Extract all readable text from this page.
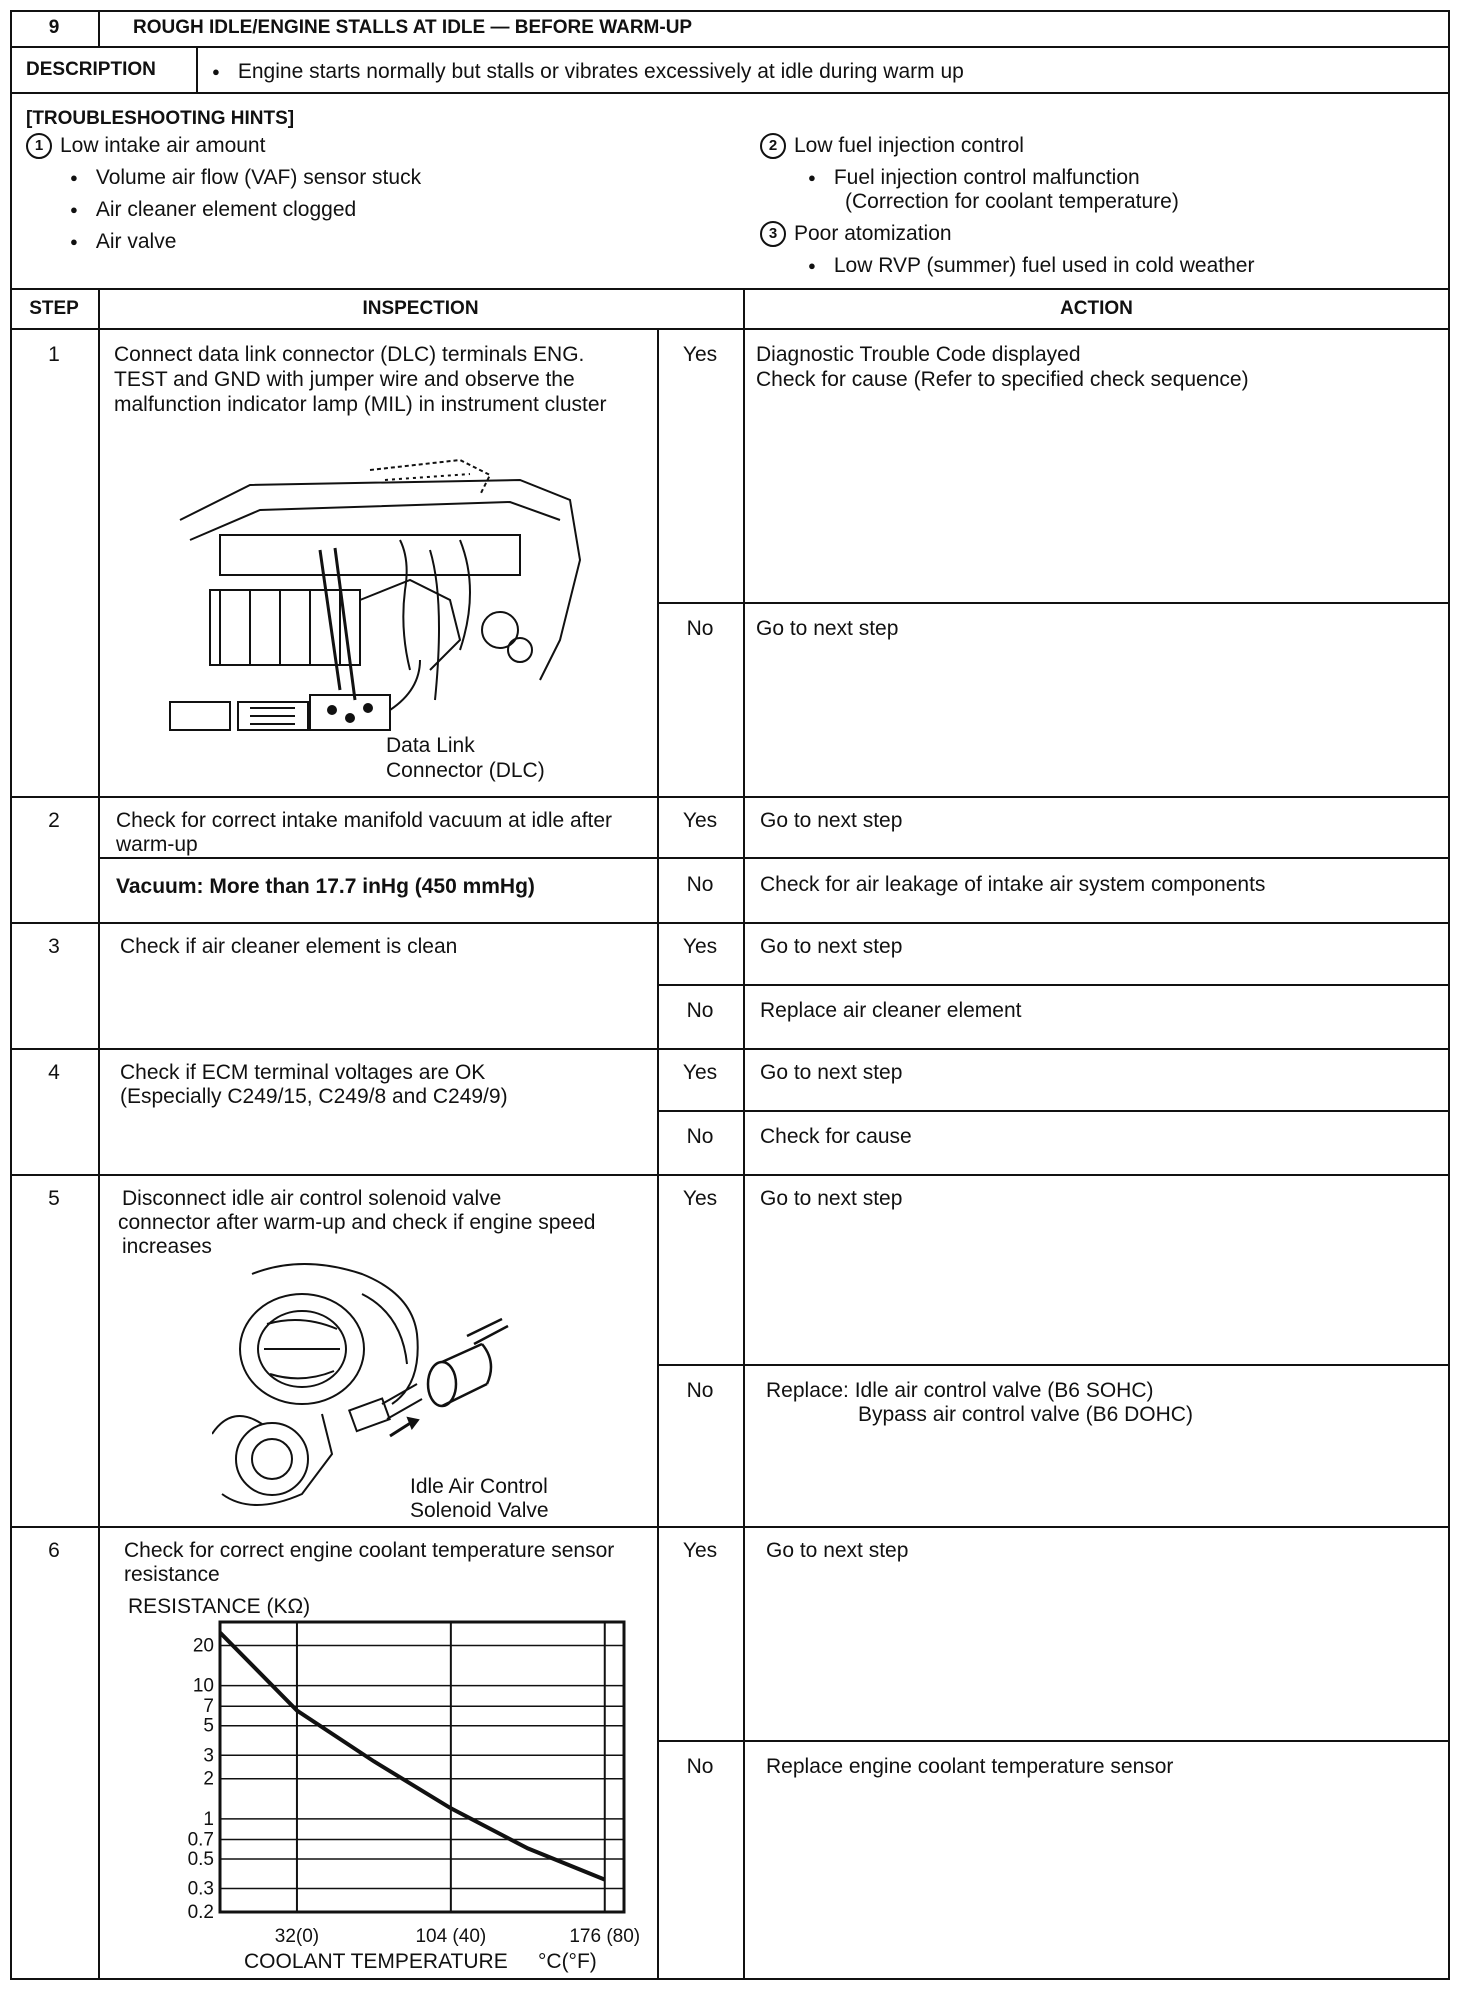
9	ROUGH IDLE/ENGINE STALLS AT IDLE — BEFORE WARM-UP
DESCRIPTION
●	Engine starts normally but stalls or vibrates excessively at idle during warm up
[TROUBLESHOOTING HINTS]
1 Low intake air amount
● Volume air flow (VAF) sensor stuck
● Air cleaner element clogged
● Air valve
2 Low fuel injection control
● Fuel injection control malfunction
(Correction for coolant temperature)
3 Poor atomization
● Low RVP (summer) fuel used in cold weather
STEP	INSPECTION	ACTION
1	Connect data link connector (DLC) terminals ENG.
TEST and GND with jumper wire and observe the
malfunction indicator lamp (MIL) in instrument cluster
Data Link
Connector (DLC)
Yes	Diagnostic Trouble Code displayed
Check for cause (Refer to specified check sequence)
No	Go to next step
2	Check for correct intake manifold vacuum at idle after
warm-up
Vacuum: More than 17.7 inHg (450 mmHg)
Yes	Go to next step
No	Check for air leakage of intake air system components
3	Check if air cleaner element is clean	Yes	Go to next step
No	Replace air cleaner element
4	Check if ECM terminal voltages are OK
(Especially C249/15, C249/8 and C249/9)
Yes	Go to next step
No	Check for cause
5	Disconnect idle air control solenoid valve
connector after warm-up and check if engine speed
increases
Idle Air Control
Solenoid Valve
Yes	Go to next step
No	Replace: Idle air control valve (B6 SOHC)
Bypass air control valve (B6 DOHC)
6	Check for correct engine coolant temperature sensor
resistance
Yes	Go to next step
No	Replace engine coolant temperature sensor
RESISTANCE (KΩ)
20
10
7
5
3
2
1
0.7
0.5
0.3
0.2
32(0)	104 (40)	176 (80)
COOLANT TEMPERATURE °C(°F)
